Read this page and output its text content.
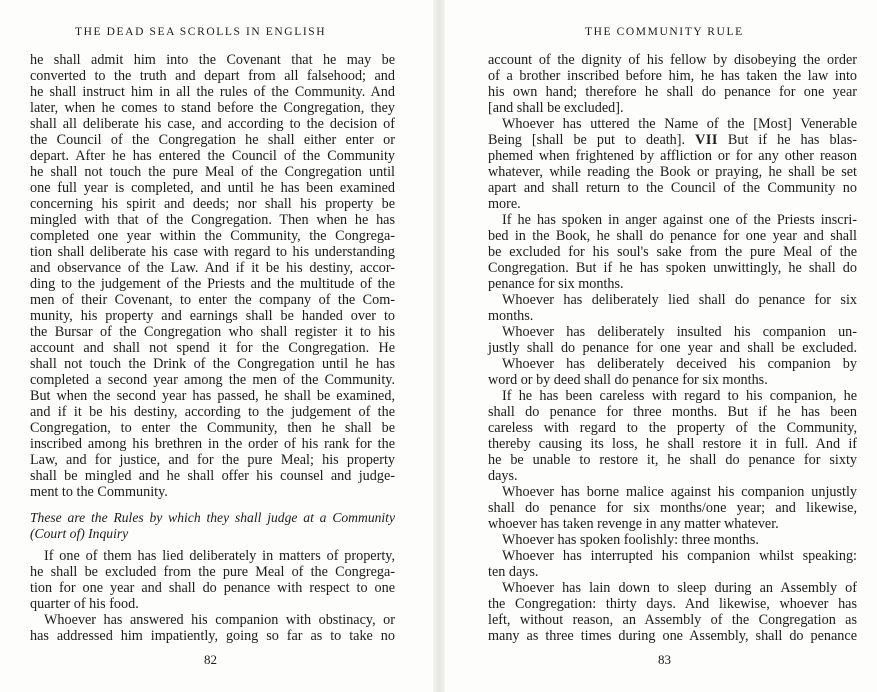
THE DEAD SEA SCROLLS IN ENGLISH
he shall admit him into the Covenant that he may be
converted to the truth and depart from all falsehood; and
he shall instruct him in all the rules of the Community. And
later, when he comes to stand before the Congregation, they
shall all deliberate his case, and according to the decision of
the Council of the Congregation he shall either enter or
depart. After he has entered the Council of the Community
he shall not touch the pure Meal of the Congregation until
one full year is completed, and until he has been examined
concerning his spirit and deeds; nor shall his property be
mingled with that of the Congregation. Then when he has
completed one year within the Community, the Congrega-
tion shall deliberate his case with regard to his understanding
and observance of the Law. And if it be his destiny, accor-
ding to the judgement of the Priests and the multitude of the
men of their Covenant, to enter the company of the Com-
munity, his property and earnings shall be handed over to
the Bursar of the Congregation who shall register it to his
account and shall not spend it for the Congregation. He
shall not touch the Drink of the Congregation until he has
completed a second year among the men of the Community.
But when the second year has passed, he shall be examined,
and if it be his destiny, according to the judgement of the
Congregation, to enter the Community, then he shall be
inscribed among his brethren in the order of his rank for the
Law, and for justice, and for the pure Meal; his property
shall be mingled and he shall offer his counsel and judge-
ment to the Community.
These are the Rules by which they shall judge at a Community
(Court of) Inquiry
If one of them has lied deliberately in matters of property,
he shall be excluded from the pure Meal of the Congrega-
tion for one year and shall do penance with respect to one
quarter of his food.
Whoever has answered his companion with obstinacy, or
has addressed him impatiently, going so far as to take no
82
THE COMMUNITY RULE
account of the dignity of his fellow by disobeying the order
of a brother inscribed before him, he has taken the law into
his own hand; therefore he shall do penance for one year
[and shall be excluded].
Whoever has uttered the Name of the [Most] Venerable
Being [shall be put to death]. VII But if he has blas-
phemed when frightened by affliction or for any other reason
whatever, while reading the Book or praying, he shall be set
apart and shall return to the Council of the Community no
more.
If he has spoken in anger against one of the Priests inscri-
bed in the Book, he shall do penance for one year and shall
be excluded for his soul's sake from the pure Meal of the
Congregation. But if he has spoken unwittingly, he shall do
penance for six months.
Whoever has deliberately lied shall do penance for six
months.
Whoever has deliberately insulted his companion un-
justly shall do penance for one year and shall be excluded.
Whoever has deliberately deceived his companion by
word or by deed shall do penance for six months.
If he has been careless with regard to his companion, he
shall do penance for three months. But if he has been
careless with regard to the property of the Community,
thereby causing its loss, he shall restore it in full. And if
he be unable to restore it, he shall do penance for sixty
days.
Whoever has borne malice against his companion unjustly
shall do penance for six months/one year; and likewise,
whoever has taken revenge in any matter whatever.
Whoever has spoken foolishly: three months.
Whoever has interrupted his companion whilst speaking:
ten days.
Whoever has lain down to sleep during an Assembly of
the Congregation: thirty days. And likewise, whoever has
left, without reason, an Assembly of the Congregation as
many as three times during one Assembly, shall do penance
83
